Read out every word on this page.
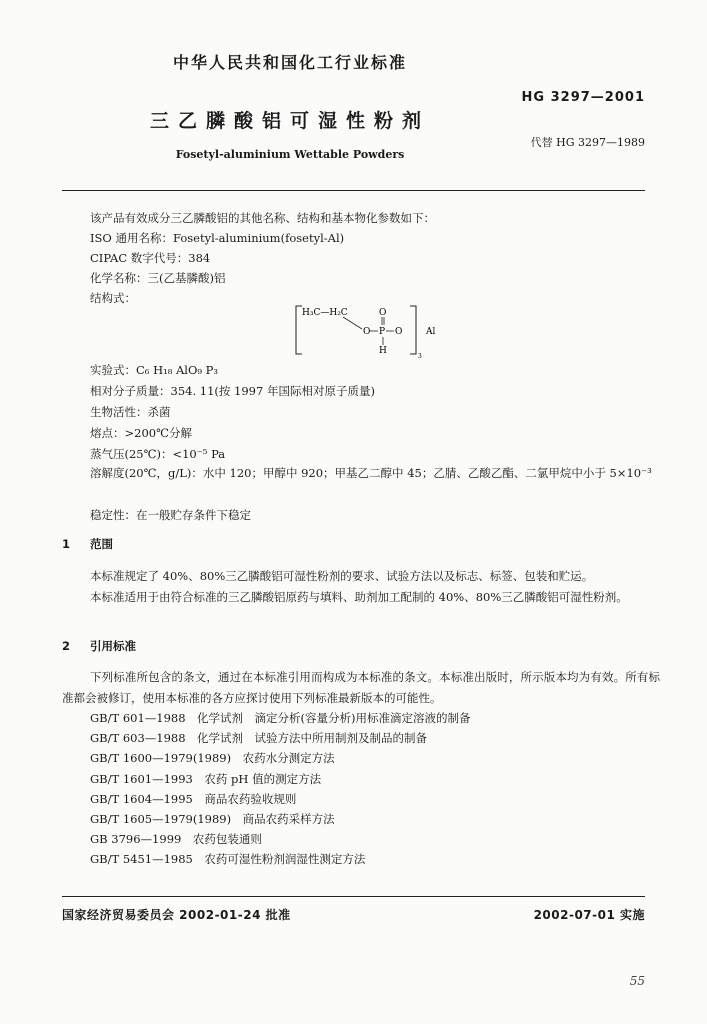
中华人民共和国化工行业标准
HG 3297—2001
三乙膦酸铝可湿性粉剂
代替 HG 3297—1989
Fosetyl-aluminium Wettable Powders
该产品有效成分三乙膦酸铝的其他名称、结构和基本物化参数如下：
ISO 通用名称：Fosetyl-aluminium(fosetyl-Al)
CIPAC 数字代号：384
化学名称：三(乙基膦酸)铝
结构式：
H₃C—H₂C	O
O P O
H
3
Al
实验式：C₆ H₁₈ AlO₉ P₃
相对分子质量：354. 11(按 1997 年国际相对原子质量)
生物活性：杀菌
熔点：>200℃分解
蒸气压(25℃)：<10⁻⁵ Pa
溶解度(20℃，g/L)：水中 120；甲醇中 920；甲基乙二醇中 45；乙腈、乙酸乙酯、二氯甲烷中小于 5×10⁻³
稳定性：在一般贮存条件下稳定
1 范围
本标准规定了 40%、80%三乙膦酸铝可湿性粉剂的要求、试验方法以及标志、标签、包装和贮运。
本标准适用于由符合标准的三乙膦酸铝原药与填料、助剂加工配制的 40%、80%三乙膦酸铝可湿性粉剂。
2 引用标准
下列标准所包含的条文，通过在本标准引用而构成为本标准的条文。本标准出版时，所示版本均为有效。所有标准都会被修订，使用本标准的各方应探讨使用下列标准最新版本的可能性。
GB/T 601—1988　化学试剂　滴定分析(容量分析)用标准滴定溶液的制备
GB/T 603—1988　化学试剂　试验方法中所用制剂及制品的制备
GB/T 1600—1979(1989)　农药水分测定方法
GB/T 1601—1993　农药 pH 值的测定方法
GB/T 1604—1995　商品农药验收规则
GB/T 1605—1979(1989)　商品农药采样方法
GB 3796—1999　农药包装通则
GB/T 5451—1985　农药可湿性粉剂润湿性测定方法
国家经济贸易委员会 2002-01-24 批准	2002-07-01 实施
55
